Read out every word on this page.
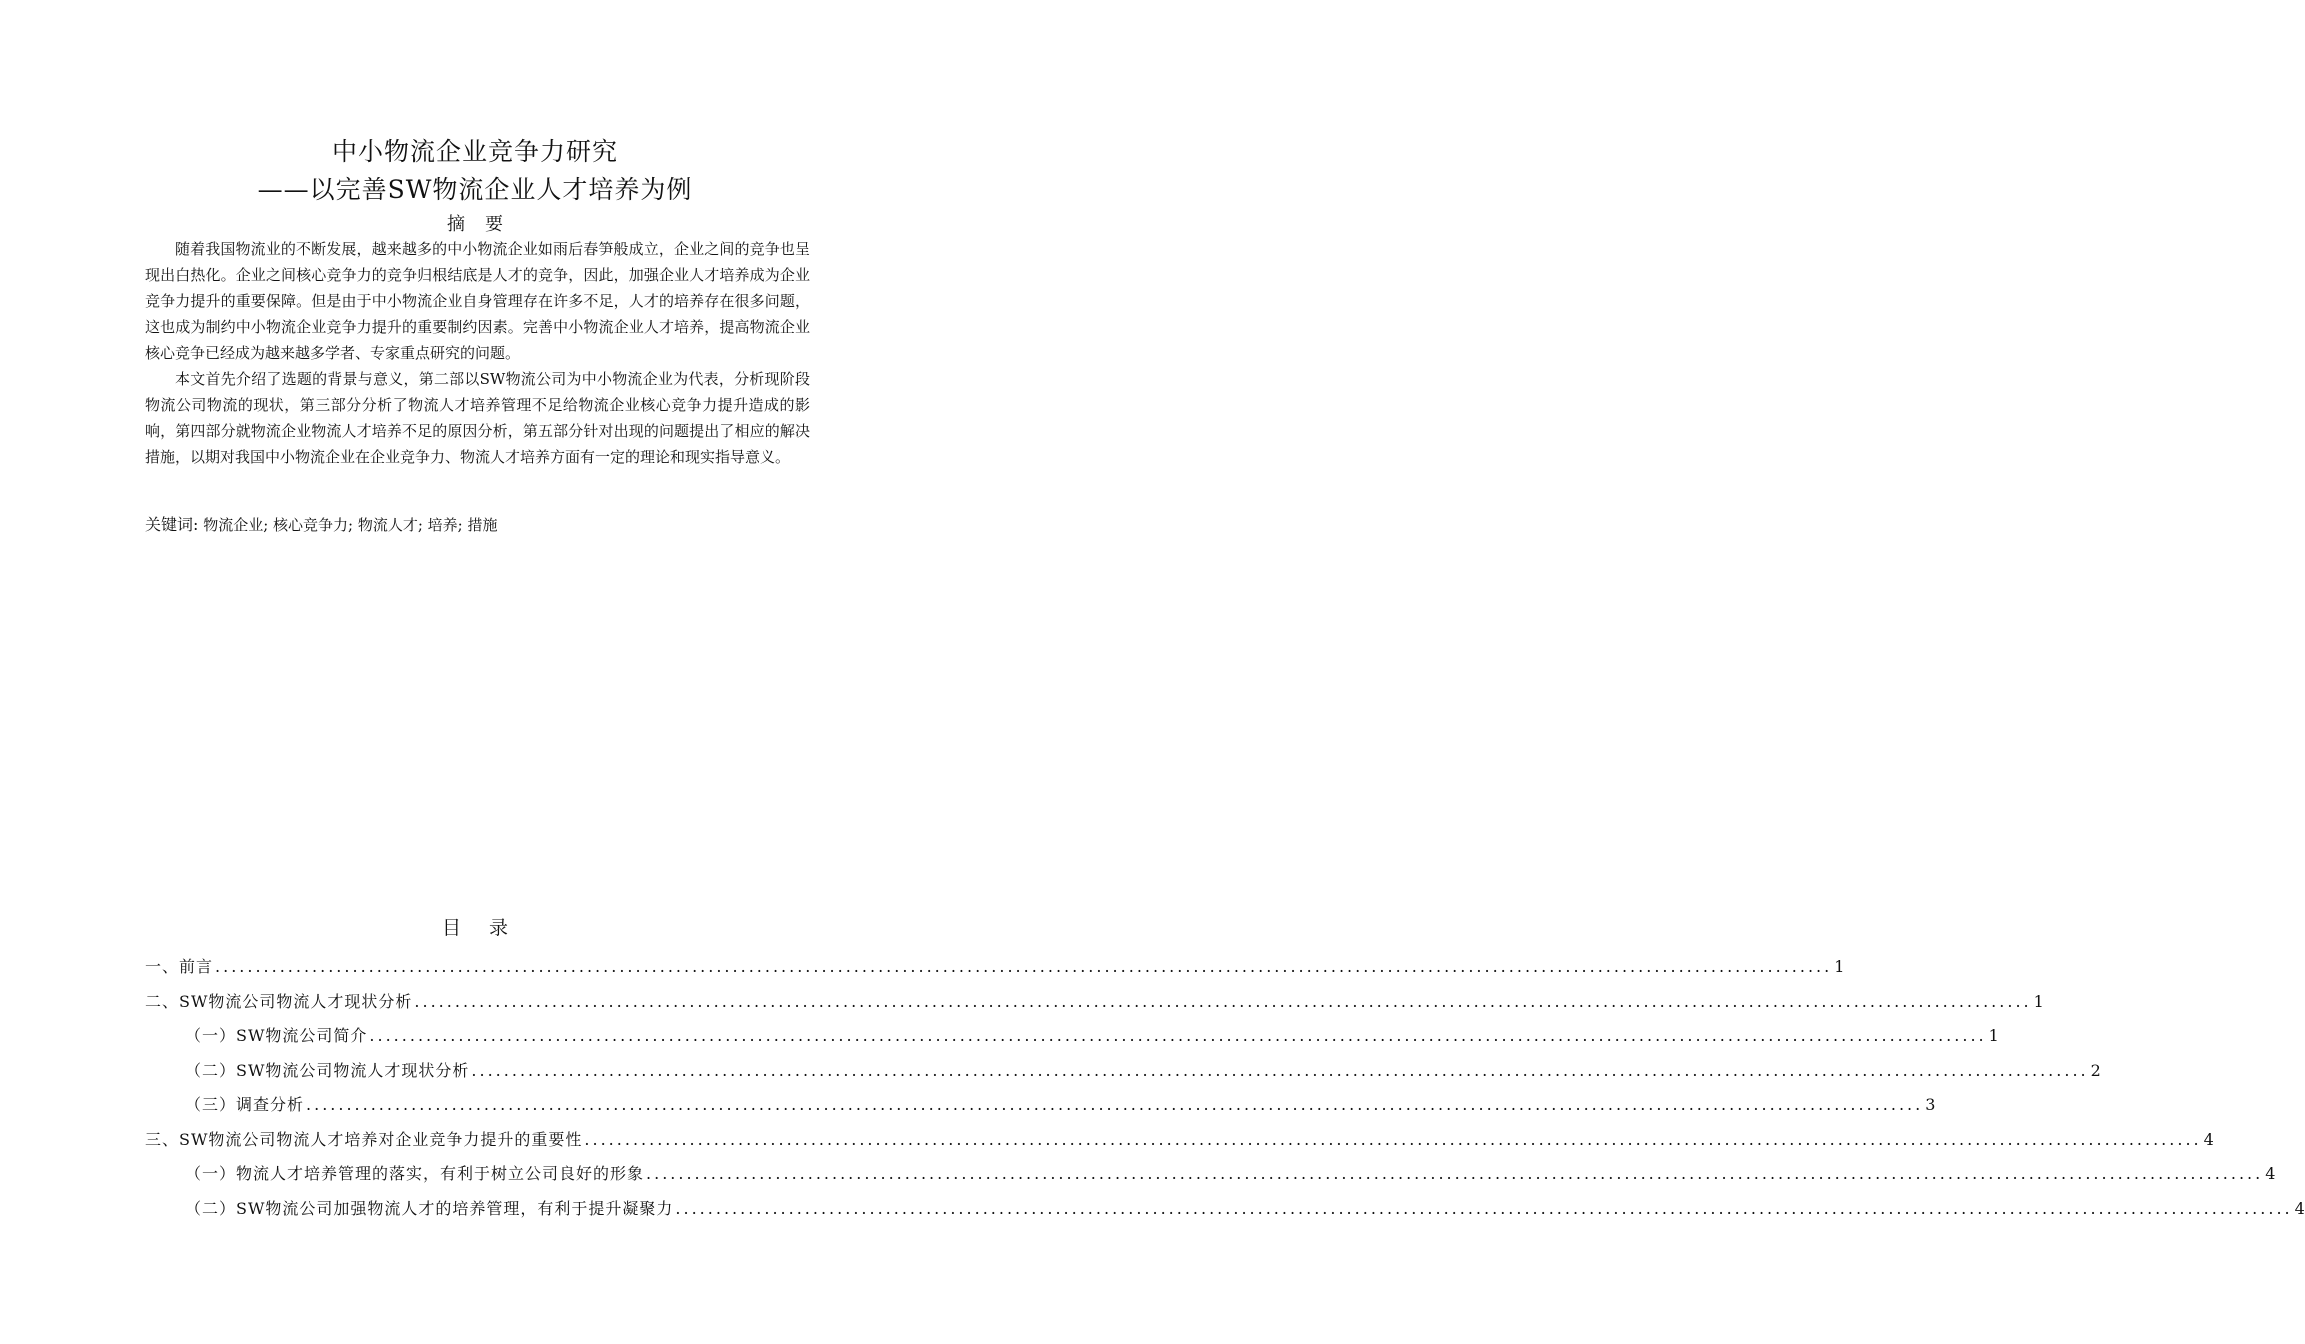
中小物流企业竞争力研究
——以完善SW物流企业人才培养为例
摘要

随着我国物流业的不断发展，越来越多的中小物流企业如雨后春笋般成立，企业之间的竞争也呈现出白热化。企业之间核心竞争力的竞争归根结底是人才的竞争，因此，加强企业人才培养成为企业竞争力提升的重要保障。但是由于中小物流企业自身管理存在许多不足，人才的培养存在很多问题，这也成为制约中小物流企业竞争力提升的重要制约因素。完善中小物流企业人才培养，提高物流企业核心竞争已经成为越来越多学者、专家重点研究的问题。

本文首先介绍了选题的背景与意义，第二部以SW物流公司为中小物流企业为代表，分析现阶段物流公司物流的现状，第三部分分析了物流人才培养管理不足给物流企业核心竞争力提升造成的影响，第四部分就物流企业物流人才培养不足的原因分析，第五部分针对出现的问题提出了相应的解决措施，以期对我国中小物流企业在企业竞争力、物流人才培养方面有一定的理论和现实指导意义。

关键词: 物流企业; 核心竞争力; 物流人才; 培养; 措施
目录
一、前言 ........................................................................................................................................................................................................ 1
二、SW物流公司物流人才现状分析 ........................................................................................................................................................................................................ 1
（一）SW物流公司简介 ........................................................................................................................................................................................................ 1
（二）SW物流公司物流人才现状分析 ........................................................................................................................................................................................................ 2
（三）调查分析 ........................................................................................................................................................................................................ 3
三、SW物流公司物流人才培养对企业竞争力提升的重要性 ........................................................................................................................................................................................................ 4
（一）物流人才培养管理的落实，有利于树立公司良好的形象 ........................................................................................................................................................................................................ 4
（二）SW物流公司加强物流人才的培养管理，有利于提升凝聚力 ........................................................................................................................................................................................................ 4
